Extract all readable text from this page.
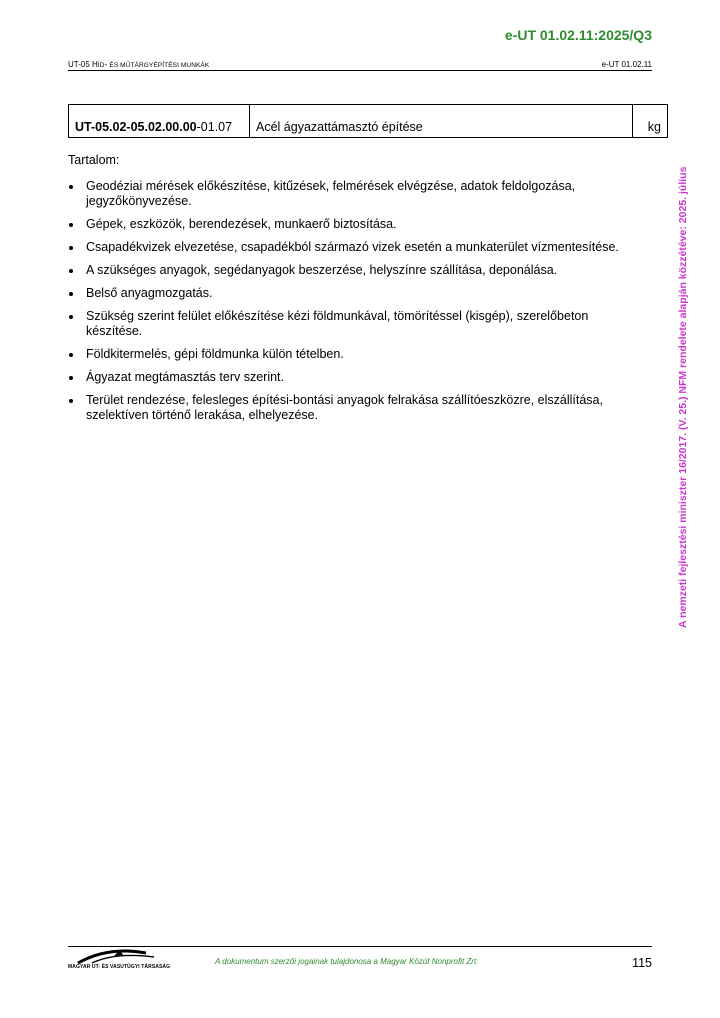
e-UT 01.02.11:2025/Q3
UT-05 HÍD- ÉS MŰTÁRGYÉPÍTÉSI MUNKÁK	e-UT 01.02.11
UT-05.02-05.02.00.00 -01.07	Acél ágyazattámasztó építése	kg
Tartalom:
Geodéziai mérések előkészítése, kitűzések, felmérések elvégzése, adatok feldolgozása, jegyzőkönyvezése.
Gépek, eszközök, berendezések, munkaerő biztosítása.
Csapadékvizek elvezetése, csapadékból származó vizek esetén a munkaterület vízmentesítése.
A szükséges anyagok, segédanyagok beszerzése, helyszínre szállítása, deponálása.
Belső anyagmozgatás.
Szükség szerint felület előkészítése kézi földmunkával, tömörítéssel (kisgép), szerelőbeton készítése.
Földkitermelés, gépi földmunka külön tételben.
Ágyazat megtámasztás terv szerint.
Terület rendezése, felesleges építési-bontási anyagok felrakása szállítóeszközre, elszállítása, szelektíven történő lerakása, elhelyezése.	A nemzeti fejlesztési miniszter 16/2017. (V. 25.) NFM rendelete alapján közzétéve: 2025. július
MAGYAR UT- ÉS VASUTÜGYI TÁRSASÁG
A dokumentum szerzői jogainak tulajdonosa a Magyar Közút Nonprofit Zrt.	115
